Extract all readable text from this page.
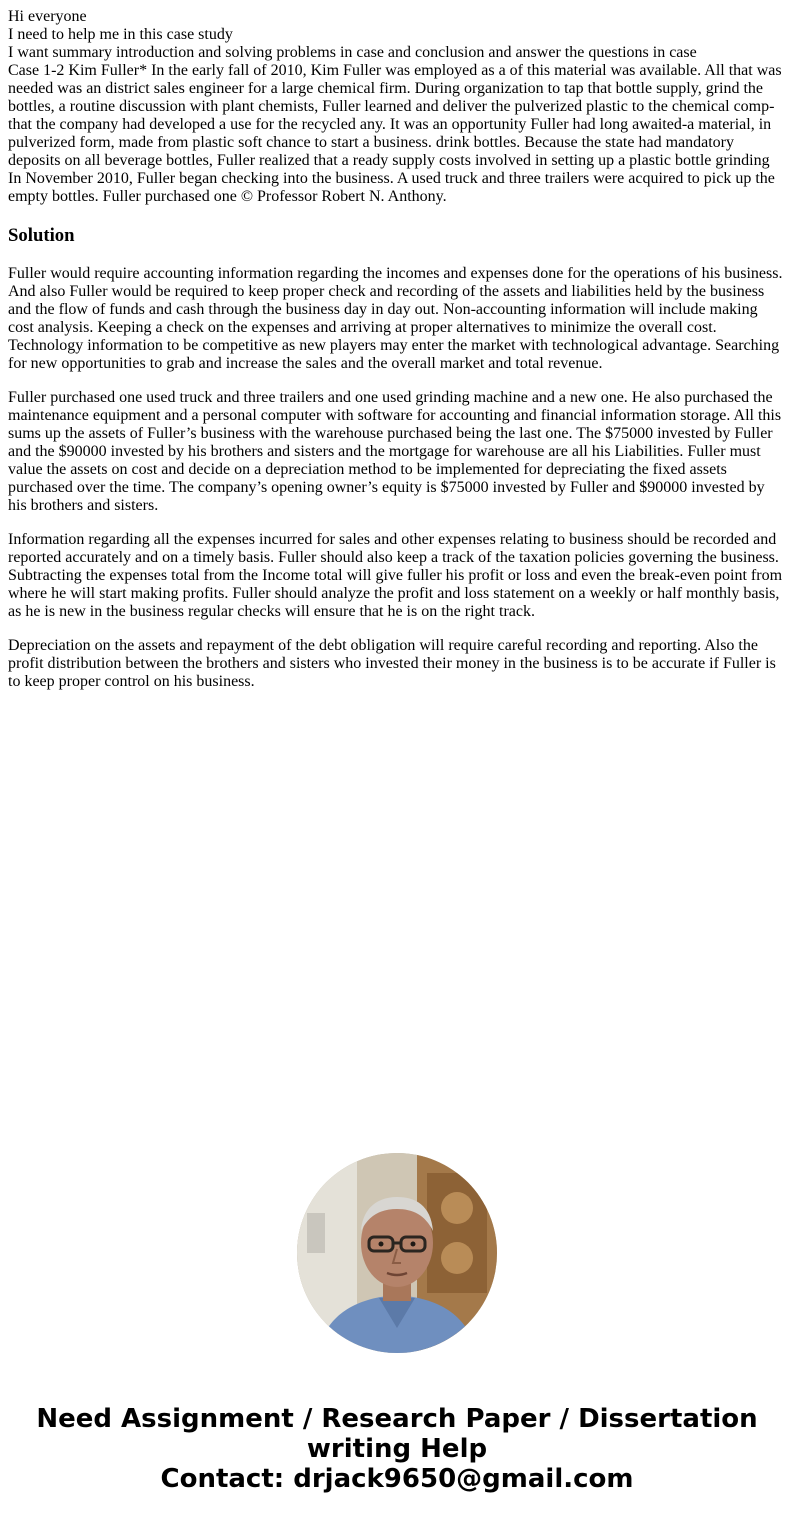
Hi everyone
I need to help me in this case study
I want summary introduction and solving problems in case and conclusion and answer the questions in case
Case 1-2 Kim Fuller* In the early fall of 2010, Kim Fuller was employed as a of this material was available. All that was needed was an district sales engineer for a large chemical firm. During organization to tap that bottle supply, grind the bottles, a routine discussion with plant chemists, Fuller learned and deliver the pulverized plastic to the chemical comp- that the company had developed a use for the recycled any. It was an opportunity Fuller had long awaited-a material, in pulverized form, made from plastic soft chance to start a business. drink bottles. Because the state had mandatory deposits on all beverage bottles, Fuller realized that a ready supply costs involved in setting up a plastic bottle grinding In November 2010, Fuller began checking into the business. A used truck and three trailers were acquired to pick up the empty bottles. Fuller purchased one © Professor Robert N. Anthony.
Solution

Fuller would require accounting information regarding the incomes and expenses done for the operations of his business. And also Fuller would be required to keep proper check and recording of the assets and liabilities held by the business and the flow of funds and cash through the business day in day out. Non-accounting information will include making cost analysis. Keeping a check on the expenses and arriving at proper alternatives to minimize the overall cost. Technology information to be competitive as new players may enter the market with technological advantage. Searching for new opportunities to grab and increase the sales and the overall market and total revenue.

Fuller purchased one used truck and three trailers and one used grinding machine and a new one. He also purchased the maintenance equipment and a personal computer with software for accounting and financial information storage. All this sums up the assets of Fuller’s business with the warehouse purchased being the last one. The $75000 invested by Fuller and the $90000 invested by his brothers and sisters and the mortgage for warehouse are all his Liabilities. Fuller must value the assets on cost and decide on a depreciation method to be implemented for depreciating the fixed assets purchased over the time. The company’s opening owner’s equity is $75000 invested by Fuller and $90000 invested by his brothers and sisters.

Information regarding all the expenses incurred for sales and other expenses relating to business should be recorded and reported accurately and on a timely basis. Fuller should also keep a track of the taxation policies governing the business. Subtracting the expenses total from the Income total will give fuller his profit or loss and even the break-even point from where he will start making profits. Fuller should analyze the profit and loss statement on a weekly or half monthly basis, as he is new in the business regular checks will ensure that he is on the right track.

Depreciation on the assets and repayment of the debt obligation will require careful recording and reporting. Also the profit distribution between the brothers and sisters who invested their money in the business is to be accurate if Fuller is to keep proper control on his business.

Need Assignment / Research Paper / Dissertation
writing Help
Contact: drjack9650@gmail.com
